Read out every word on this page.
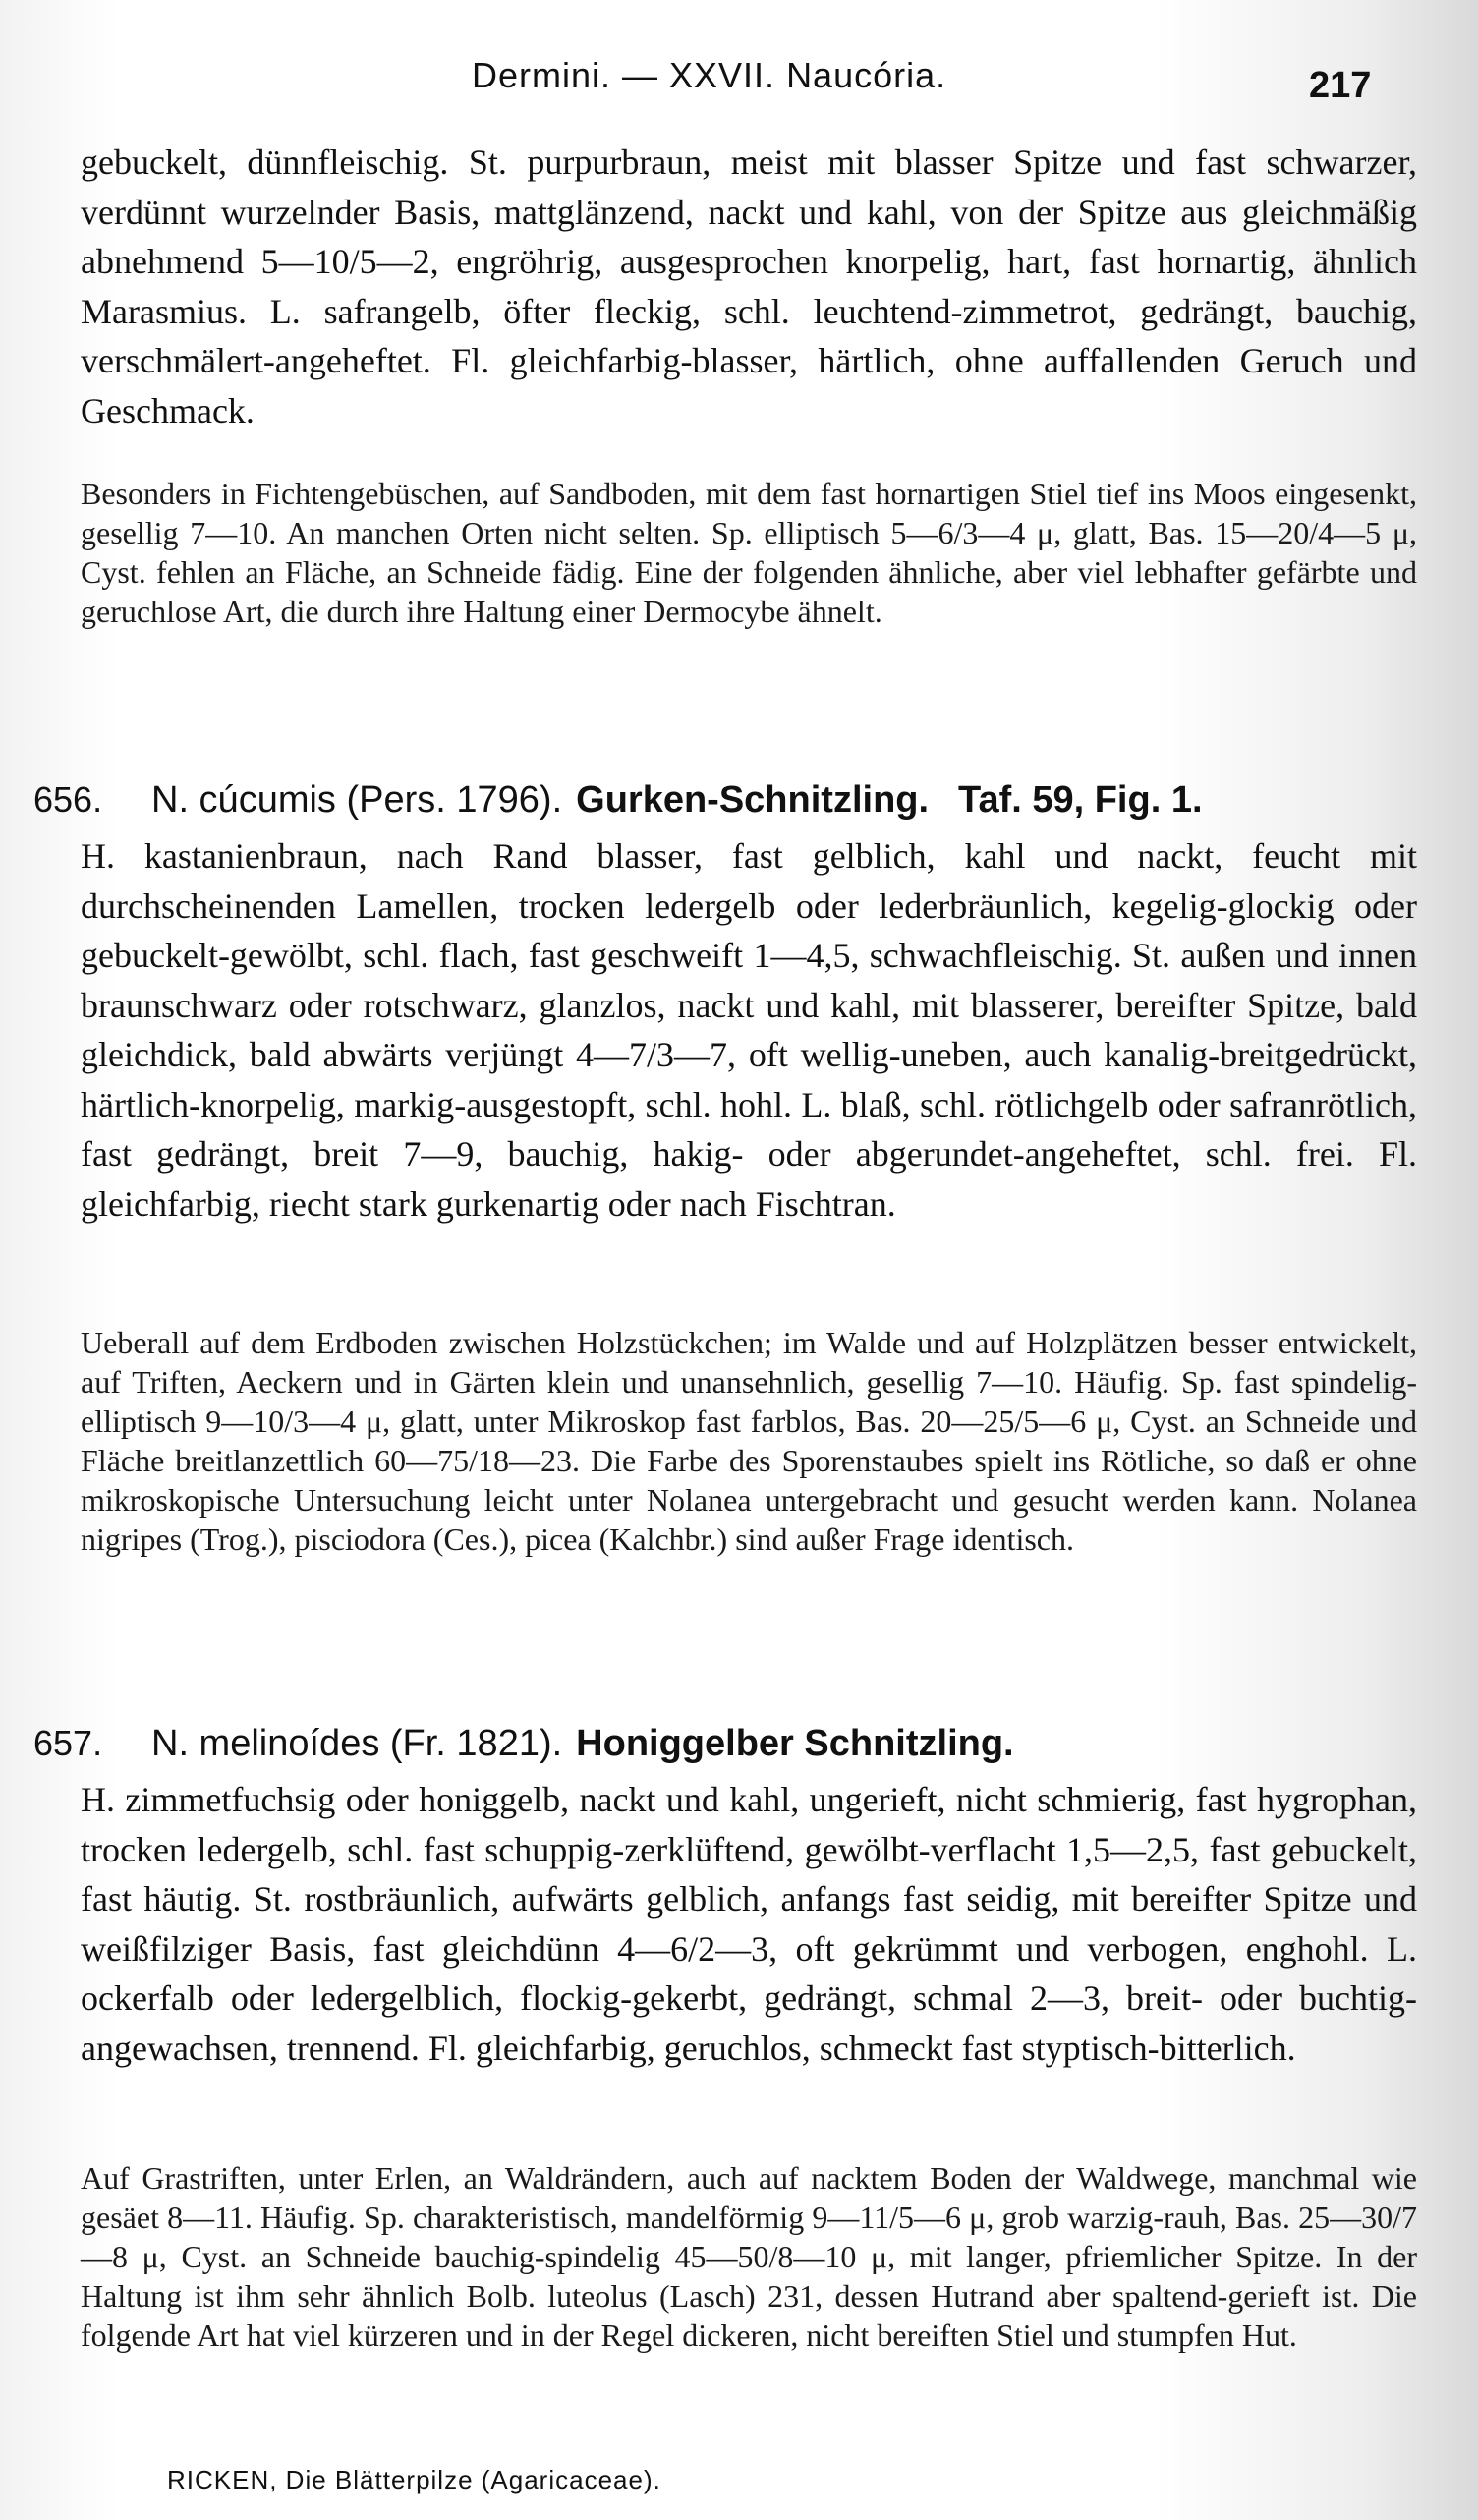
Dermini. — XXVII. Naucória.	217
gebuckelt, dünnfleischig. St. purpurbraun, meist mit blasser Spitze und fast schwarzer, verdünnt wurzelnder Basis, mattglänzend, nackt und kahl, von der Spitze aus gleichmäßig abnehmend 5—10/5—2, engröhrig, ausgesprochen knorpelig, hart, fast hornartig, ähnlich Marasmius. L. safrangelb, öfter fleckig, schl. leuchtend-zimmetrot, gedrängt, bauchig, verschmälert-angeheftet. Fl. gleichfarbig-blasser, härtlich, ohne auffallenden Geruch und Geschmack.
Besonders in Fichtengebüschen, auf Sandboden, mit dem fast hornartigen Stiel tief ins Moos eingesenkt, gesellig 7—10. An manchen Orten nicht selten. Sp. elliptisch 5—6/3—4 μ, glatt, Bas. 15—20/4—5 μ, Cyst. fehlen an Fläche, an Schneide fädig. Eine der folgenden ähnliche, aber viel lebhafter gefärbte und geruchlose Art, die durch ihre Haltung einer Dermocybe ähnelt.
656. N. cúcumis (Pers. 1796). Gurken-Schnitzling. Taf. 59, Fig. 1.
H. kastanienbraun, nach Rand blasser, fast gelblich, kahl und nackt, feucht mit durchscheinenden Lamellen, trocken ledergelb oder lederbräunlich, kegelig-glockig oder gebuckelt-gewölbt, schl. flach, fast geschweift 1—4,5, schwachfleischig. St. außen und innen braunschwarz oder rotschwarz, glanzlos, nackt und kahl, mit blasserer, bereifter Spitze, bald gleichdick, bald abwärts verjüngt 4—7/3—7, oft wellig-uneben, auch kanalig-breitgedrückt, härtlich-knorpelig, markig-ausgestopft, schl. hohl. L. blaß, schl. rötlichgelb oder safranrötlich, fast gedrängt, breit 7—9, bauchig, hakig- oder abgerundet-angeheftet, schl. frei. Fl. gleichfarbig, riecht stark gurkenartig oder nach Fischtran.
Ueberall auf dem Erdboden zwischen Holzstückchen; im Walde und auf Holzplätzen besser entwickelt, auf Triften, Aeckern und in Gärten klein und unansehnlich, gesellig 7—10. Häufig. Sp. fast spindelig-elliptisch 9—10/3—4 μ, glatt, unter Mikroskop fast farblos, Bas. 20—25/5—6 μ, Cyst. an Schneide und Fläche breitlanzettlich 60—75/18—23. Die Farbe des Sporenstaubes spielt ins Rötliche, so daß er ohne mikroskopische Untersuchung leicht unter Nolanea untergebracht und gesucht werden kann. Nolanea nigripes (Trog.), pisciodora (Ces.), picea (Kalchbr.) sind außer Frage identisch.
657. N. melinoídes (Fr. 1821). Honiggelber Schnitzling.
H. zimmetfuchsig oder honiggelb, nackt und kahl, ungerieft, nicht schmierig, fast hygrophan, trocken ledergelb, schl. fast schuppig-zerklüftend, gewölbt-verflacht 1,5—2,5, fast gebuckelt, fast häutig. St. rostbräunlich, aufwärts gelblich, anfangs fast seidig, mit bereifter Spitze und weißfilziger Basis, fast gleichdünn 4—6/2—3, oft gekrümmt und verbogen, enghohl. L. ockerfalb oder ledergelblich, flockig-gekerbt, gedrängt, schmal 2—3, breit- oder buchtig-angewachsen, trennend. Fl. gleichfarbig, geruchlos, schmeckt fast styptisch-bitterlich.
Auf Grastriften, unter Erlen, an Waldrändern, auch auf nacktem Boden der Waldwege, manchmal wie gesäet 8—11. Häufig. Sp. charakteristisch, mandelförmig 9—11/5—6 μ, grob warzig-rauh, Bas. 25—30/7—8 μ, Cyst. an Schneide bauchig-spindelig 45—50/8—10 μ, mit langer, pfriemlicher Spitze. In der Haltung ist ihm sehr ähnlich Bolb. luteolus (Lasch) 231, dessen Hutrand aber spaltend-gerieft ist. Die folgende Art hat viel kürzeren und in der Regel dickeren, nicht bereiften Stiel und stumpfen Hut.
RICKEN, Die Blätterpilze (Agaricaceae).
